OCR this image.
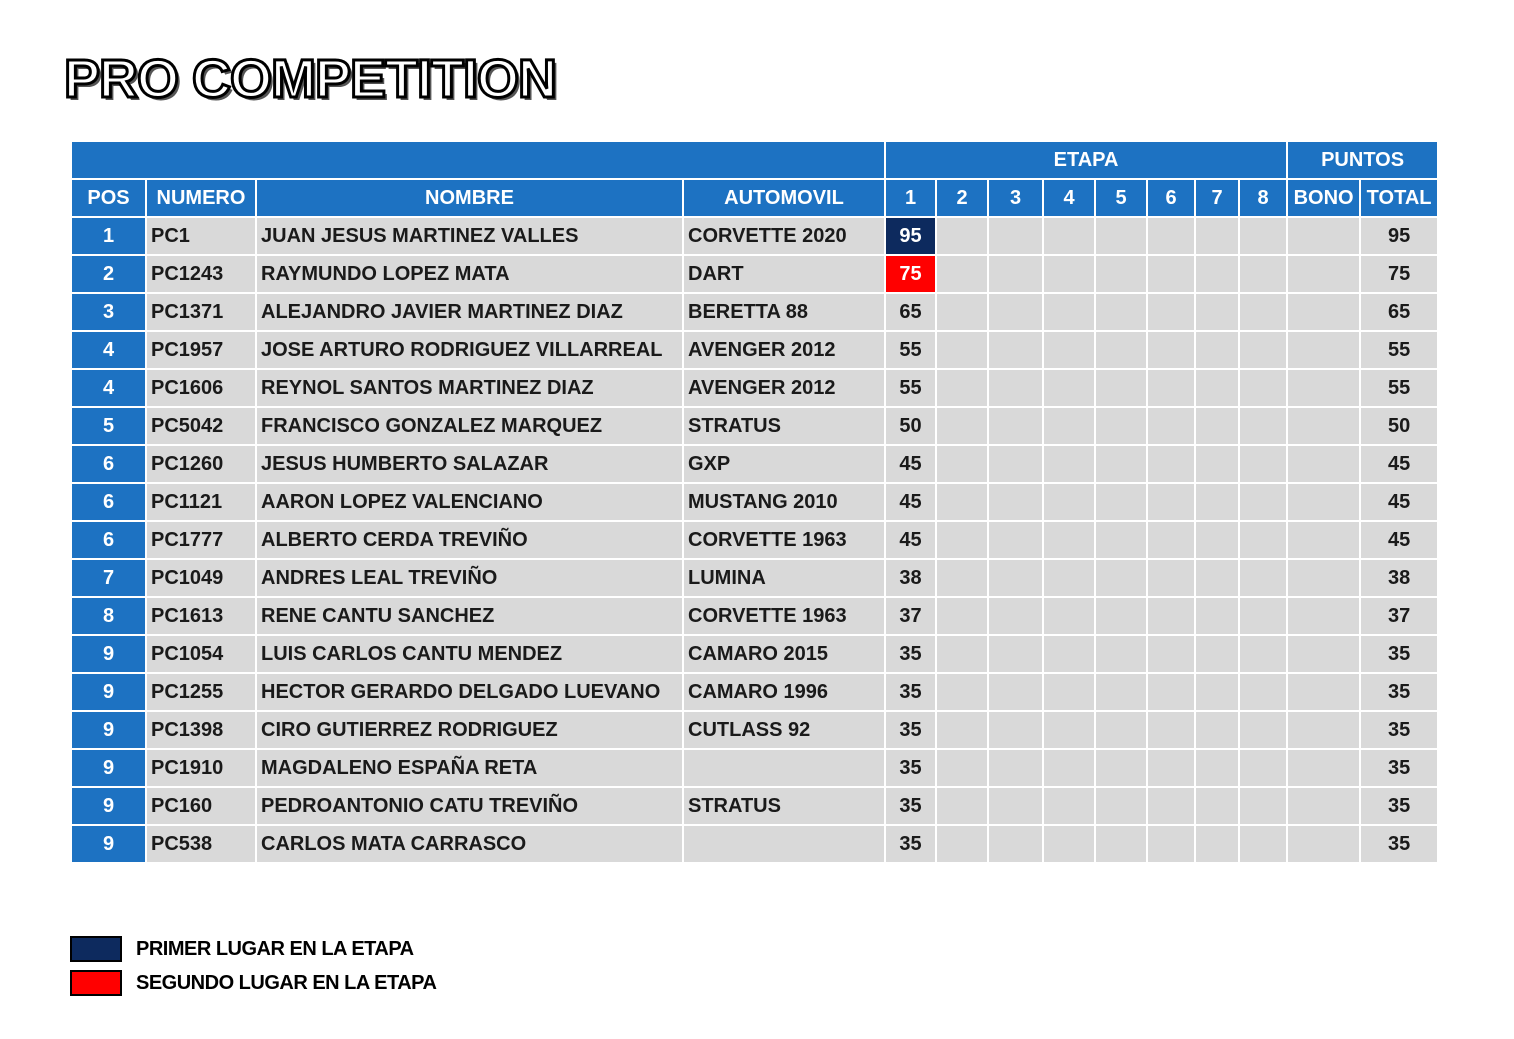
PRO COMPETITION
				ETAPA								PUNTOS	
POS	NUMERO	NOMBRE	AUTOMOVIL	1	2	3	4	5	6	7	8	BONO	TOTAL
1	PC1	JUAN JESUS MARTINEZ VALLES	CORVETTE 2020	95									95
2	PC1243	RAYMUNDO LOPEZ MATA	DART	75									75
3	PC1371	ALEJANDRO JAVIER MARTINEZ DIAZ	BERETTA 88	65									65
4	PC1957	JOSE ARTURO RODRIGUEZ VILLARREAL	AVENGER 2012	55									55
4	PC1606	REYNOL SANTOS MARTINEZ DIAZ	AVENGER 2012	55									55
5	PC5042	FRANCISCO GONZALEZ MARQUEZ	STRATUS	50									50
6	PC1260	JESUS HUMBERTO SALAZAR	GXP	45									45
6	PC1121	AARON LOPEZ VALENCIANO	MUSTANG 2010	45									45
6	PC1777	ALBERTO CERDA TREVIÑO	CORVETTE 1963	45									45
7	PC1049	ANDRES LEAL TREVIÑO	LUMINA	38									38
8	PC1613	RENE CANTU SANCHEZ	CORVETTE 1963	37									37
9	PC1054	LUIS CARLOS CANTU MENDEZ	CAMARO 2015	35									35
9	PC1255	HECTOR GERARDO DELGADO LUEVANO	CAMARO 1996	35									35
9	PC1398	CIRO GUTIERREZ RODRIGUEZ	CUTLASS 92	35									35
9	PC1910	MAGDALENO ESPAÑA RETA		35									35
9	PC160	PEDROANTONIO CATU TREVIÑO	STRATUS	35									35
9	PC538	CARLOS MATA CARRASCO		35									35
PRIMER LUGAR EN LA ETAPA
SEGUNDO LUGAR EN LA ETAPA
